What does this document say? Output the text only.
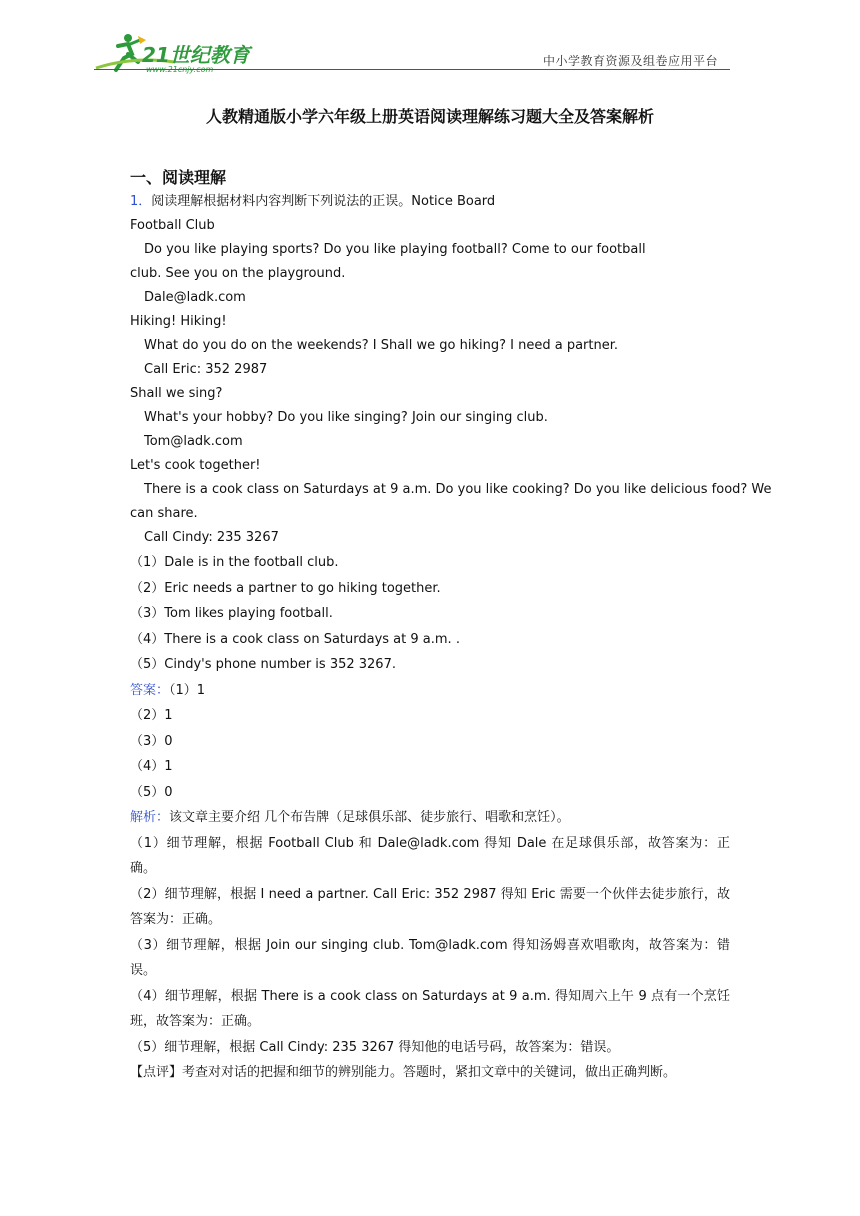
21世纪教育
www.21cnjy.com
中小学教育资源及组卷应用平台
人教精通版小学六年级上册英语阅读理解练习题大全及答案解析
一、阅读理解
1．阅读理解根据材料内容判断下列说法的正误。Notice Board
Football Club
Do you like playing sports? Do you like playing football? Come to our football
club. See you on the playground.
Dale@ladk.com
Hiking! Hiking!
What do you do on the weekends? I Shall we go hiking? I need a partner.
Call Eric: 352 2987
Shall we sing?
What's your hobby? Do you like singing? Join our singing club.
Tom@ladk.com
Let's cook together!
There is a cook class on Saturdays at 9 a.m. Do you like cooking? Do you like delicious food? We
can share.
Call Cindy: 235 3267
（1）Dale is in the football club.
（2）Eric needs a partner to go hiking together.
（3）Tom likes playing football.
（4）There is a cook class on Saturdays at 9 a.m. .
（5）Cindy's phone number is 352 3267.
答案：（1）1
（2）1
（3）0
（4）1
（5）0
解析：该文章主要介绍 几个布告牌（足球俱乐部、徒步旅行、唱歌和烹饪）。
（1）细节理解，根据 Football Club 和 Dale@ladk.com 得知 Dale 在足球俱乐部，故答案为：正确。
（2）细节理解，根据 I need a partner. Call Eric: 352 2987 得知 Eric 需要一个伙伴去徒步旅行，故答案为：正确。
（3）细节理解，根据 Join our singing club. Tom@ladk.com 得知汤姆喜欢唱歌肉，故答案为：错误。
（4）细节理解，根据 There is a cook class on Saturdays at 9 a.m. 得知周六上午 9 点有一个烹饪班，故答案为：正确。
（5）细节理解，根据 Call Cindy: 235 3267 得知他的电话号码，故答案为：错误。
【点评】考查对对话的把握和细节的辨别能力。答题时，紧扣文章中的关键词，做出正确判断。
